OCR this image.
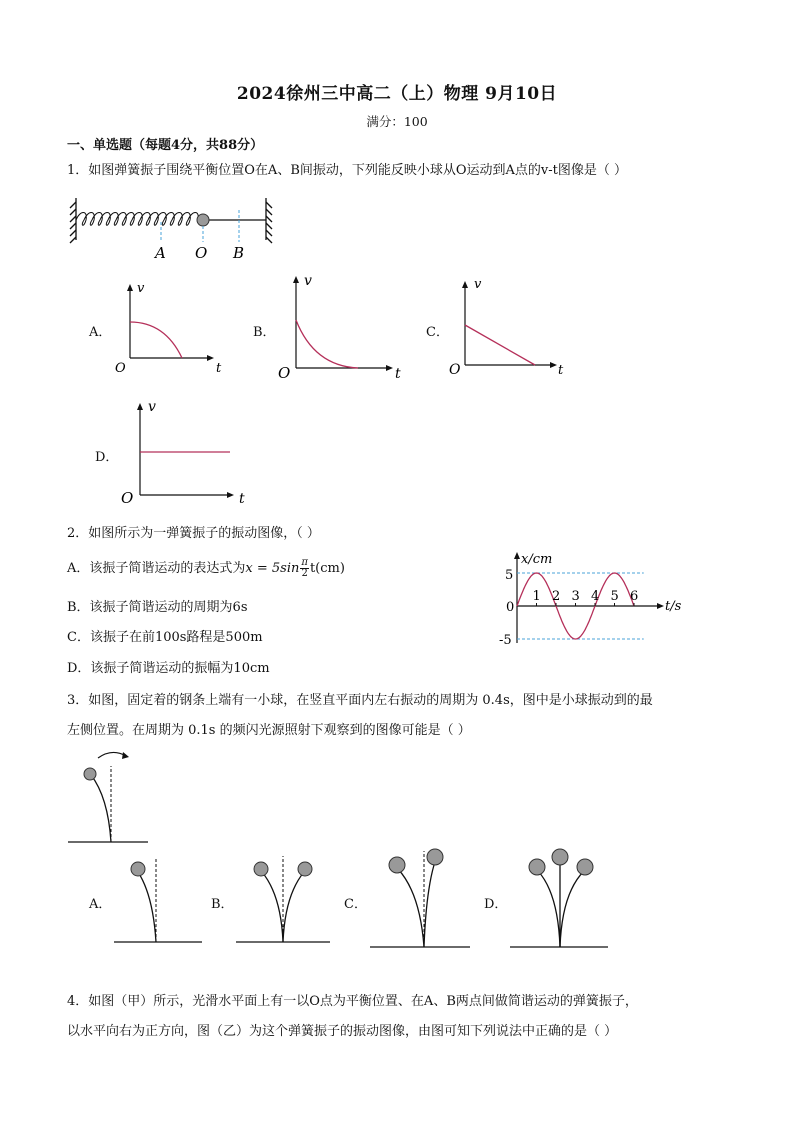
2024徐州三中高二（上）物理 9月10日
满分：100
一、单选题（每题4分，共88分）
1．如图弹簧振子围绕平衡位置O在A、B间振动，下列能反映小球从O运动到A点的v-t图像是（ ）
A O B
A．
v
O	t
B．
v
O	t
C．
v
O	t
D．
v
O	t
2．如图所示为一弹簧振子的振动图像，（ ）
A．该振子简谐运动的表达式为$x = 5\sin \frac{\pi}{2} t(cm)$
B．该振子简谐运动的周期为6s
C．该振子在前100s路程是500m
D．该振子简谐运动的振幅为10cm
x/cm
t/s
0
5
-5
1 2 3 4 5 6
3．如图，固定着的钢条上端有一小球，在竖直平面内左右振动的周期为 0.4s，图中是小球振动到的最
左侧位置。在周期为 0.1s 的频闪光源照射下观察到的图像可能是（ ）
A．	B．	C．	D．
4．如图（甲）所示，光滑水平面上有一以O点为平衡位置、在A、B两点间做简谐运动的弹簧振子，
以水平向右为正方向，图（乙）为这个弹簧振子的振动图像，由图可知下列说法中正确的是（ ）
